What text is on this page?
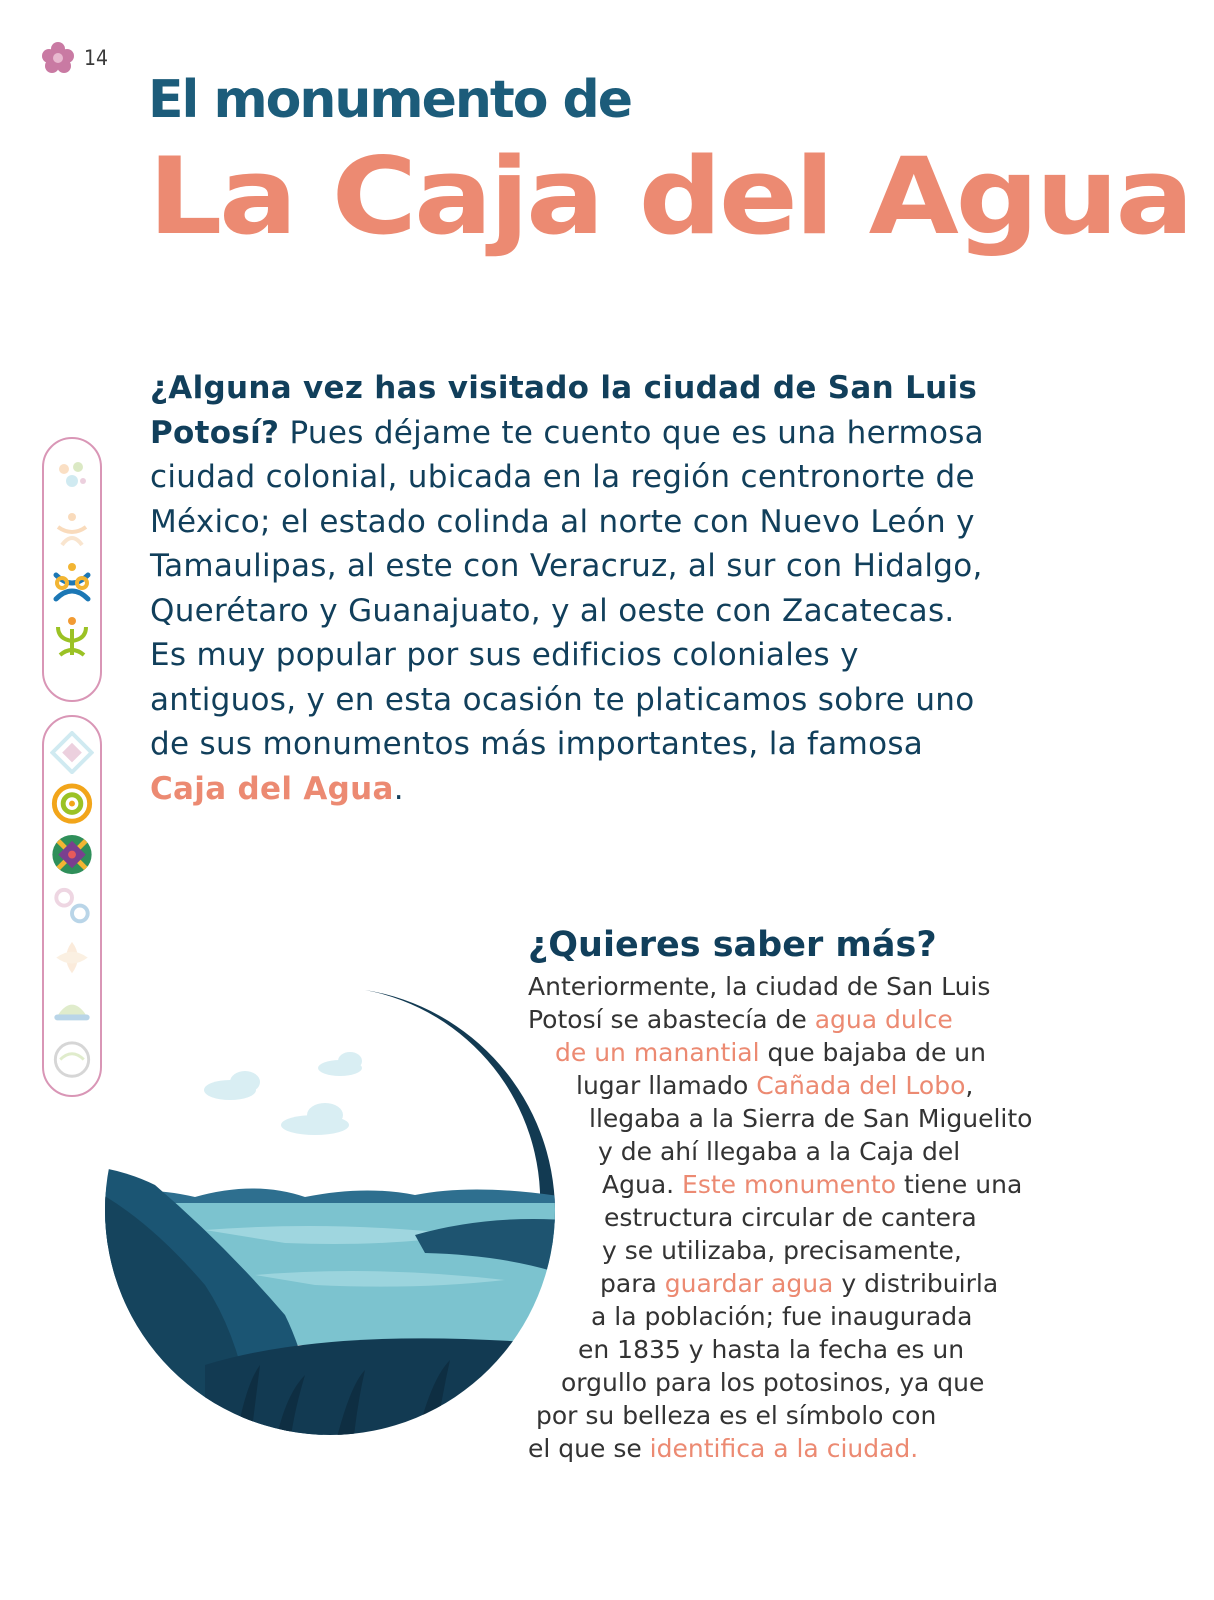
14
El monumento de
La Caja del Agua

¿Alguna vez has visitado la ciudad de San Luis Potosí? Pues déjame te cuento que es una hermosa ciudad colonial, ubicada en la región centronorte de México; el estado colinda al norte con Nuevo León y Tamaulipas, al este con Veracruz, al sur con Hidalgo, Querétaro y Guanajuato, y al oeste con Zacatecas. Es muy popular por sus edificios coloniales y antiguos, y en esta ocasión te platicamos sobre uno de sus monumentos más importantes, la famosa Caja del Agua.

¿Quieres saber más?
Anteriormente, la ciudad de San Luis
Potosí se abastecía de agua dulce
de un manantial que bajaba de un
lugar llamado Cañada del Lobo,
llegaba a la Sierra de San Miguelito
y de ahí llegaba a la Caja del
Agua. Este monumento tiene una
estructura circular de cantera
y se utilizaba, precisamente,
para guardar agua y distribuirla
a la población; fue inaugurada
en 1835 y hasta la fecha es un
orgullo para los potosinos, ya que
por su belleza es el símbolo con
el que se identifica a la ciudad.
